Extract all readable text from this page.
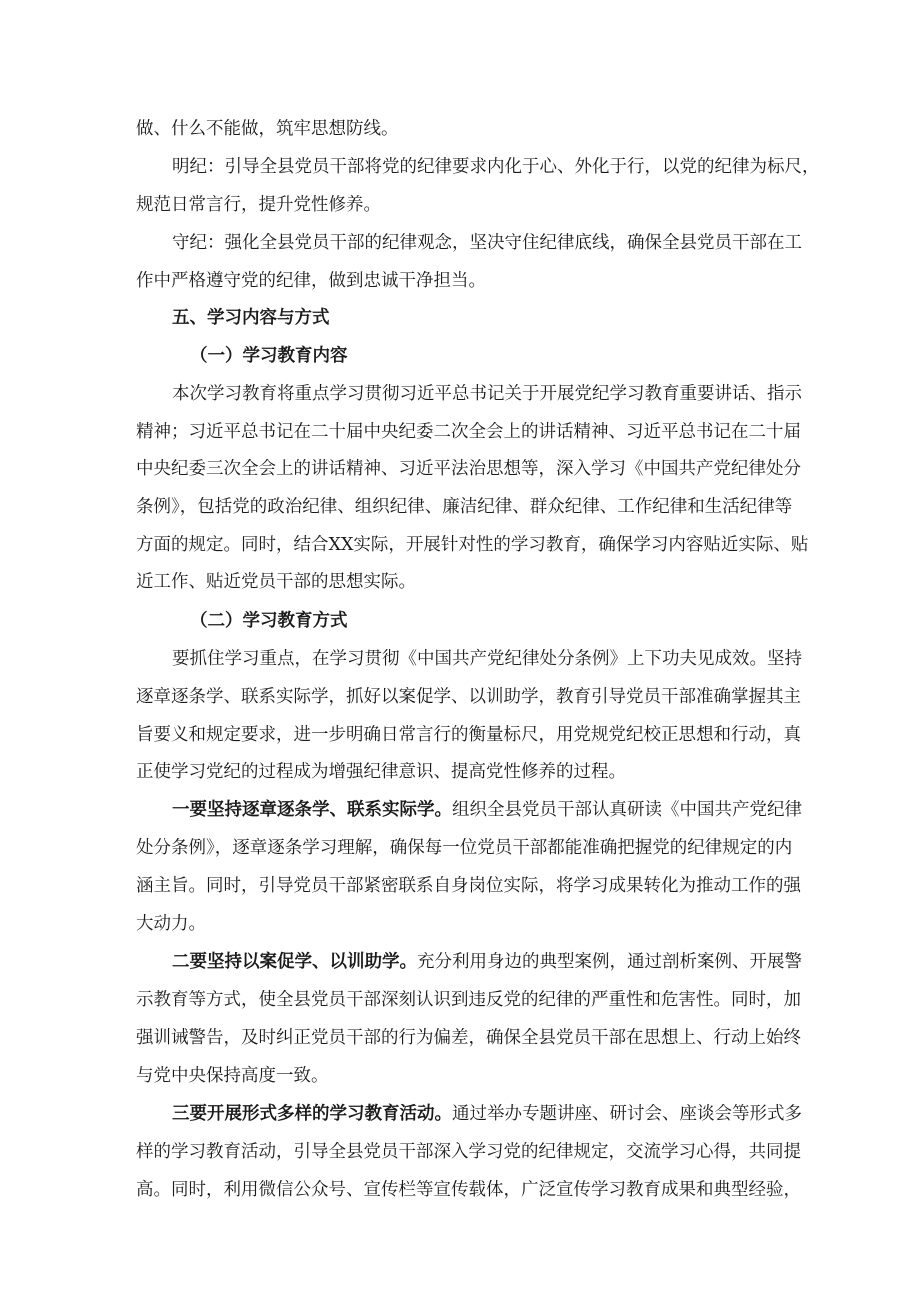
做、什么不能做，筑牢思想防线。
明纪：引导全县党员干部将党的纪律要求内化于心、外化于行，以党的纪律为标尺，
规范日常言行，提升党性修养。
守纪：强化全县党员干部的纪律观念，坚决守住纪律底线，确保全县党员干部在工
作中严格遵守党的纪律，做到忠诚干净担当。
五、学习内容与方式
（一）学习教育内容
本次学习教育将重点学习贯彻习近平总书记关于开展党纪学习教育重要讲话、指示
精神；习近平总书记在二十届中央纪委二次全会上的讲话精神、习近平总书记在二十届
中央纪委三次全会上的讲话精神、习近平法治思想等，深入学习《中国共产党纪律处分
条例》，包括党的政治纪律、组织纪律、廉洁纪律、群众纪律、工作纪律和生活纪律等
方面的规定。同时，结合XX实际，开展针对性的学习教育，确保学习内容贴近实际、贴
近工作、贴近党员干部的思想实际。
（二）学习教育方式
要抓住学习重点，在学习贯彻《中国共产党纪律处分条例》上下功夫见成效。坚持
逐章逐条学、联系实际学，抓好以案促学、以训助学，教育引导党员干部准确掌握其主
旨要义和规定要求，进一步明确日常言行的衡量标尺，用党规党纪校正思想和行动，真
正使学习党纪的过程成为增强纪律意识、提高党性修养的过程。
一要坚持逐章逐条学、联系实际学。组织全县党员干部认真研读《中国共产党纪律
处分条例》，逐章逐条学习理解，确保每一位党员干部都能准确把握党的纪律规定的内
涵主旨。同时，引导党员干部紧密联系自身岗位实际，将学习成果转化为推动工作的强
大动力。
二要坚持以案促学、以训助学。充分利用身边的典型案例，通过剖析案例、开展警
示教育等方式，使全县党员干部深刻认识到违反党的纪律的严重性和危害性。同时，加
强训诫警告，及时纠正党员干部的行为偏差，确保全县党员干部在思想上、行动上始终
与党中央保持高度一致。
三要开展形式多样的学习教育活动。通过举办专题讲座、研讨会、座谈会等形式多
样的学习教育活动，引导全县党员干部深入学习党的纪律规定，交流学习心得，共同提
高。同时，利用微信公众号、宣传栏等宣传载体，广泛宣传学习教育成果和典型经验，
